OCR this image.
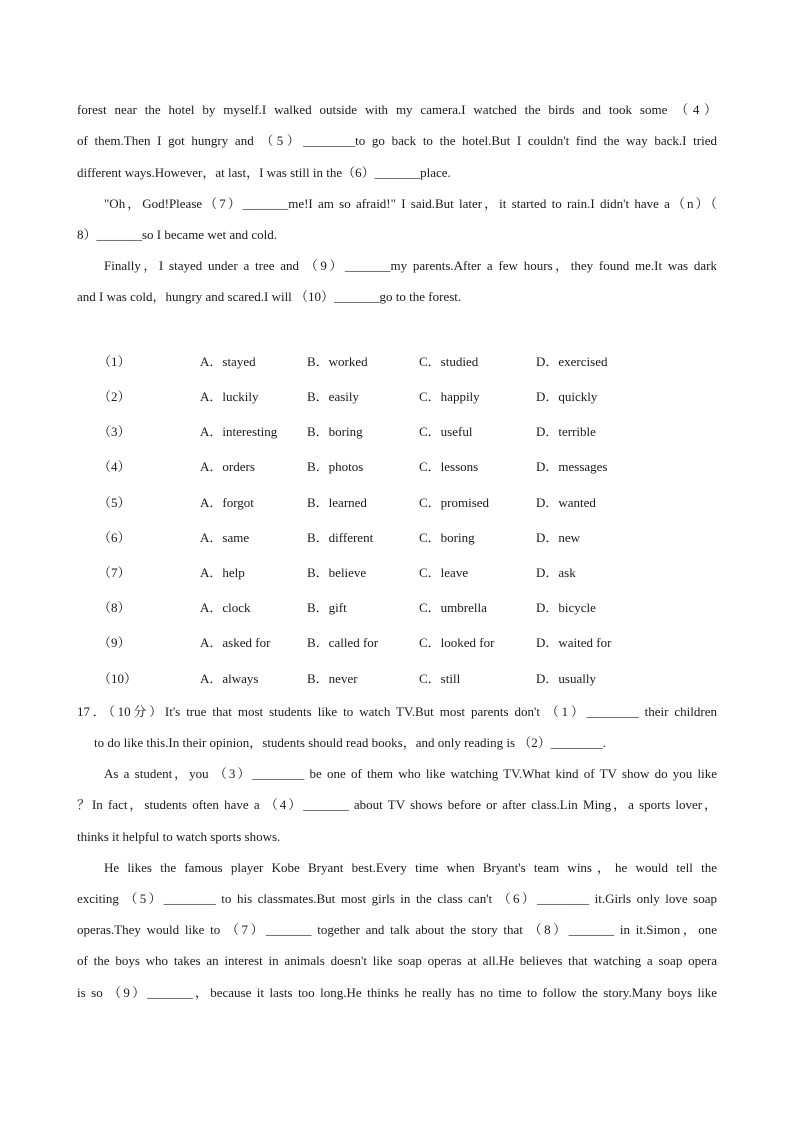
forest near the hotel by myself.I walked outside with my camera.I watched the birds and took some （4）
of them.Then I got hungry and （5）________to go back to the hotel.But I couldn't find the way back.I tried
different ways.However，at last，I was still in the（6）_______place.
"Oh，God!Please（7）_______me!I am so afraid!" I said.But later，it started to rain.I didn't have a（n）（
8）_______so I became wet and cold.
Finally，I stayed under a tree and （9）_______my parents.After a few hours，they found me.It was dark
and I was cold，hungry and scared.I will （10）_______go to the forest.
（1）	A．stayed	B．worked	C．studied	D．exercised
（2）	A．luckily	B．easily	C．happily	D．quickly
（3）	A．interesting B．boring	C．useful	D．terrible
（4）	A．orders	B．photos	C．lessons	D．messages
（5）	A．forgot	B．learned	C．promised	D．wanted
（6）	A．same	B．different	C．boring	D．new
（7）	A．help	B．believe	C．leave	D．ask
（8）	A．clock	B．gift	C．umbrella	D．bicycle
（9）	A．asked for	B．called for	C．looked for	D．waited for
（10）	A．always	B．never	C．still	D．usually
17．（10分）It's true that most students like to watch TV.But most parents don't （1）________ their children
to do like this.In their opinion，students should read books，and only reading is （2）________.
As a student，you （3）________ be one of them who like watching TV.What kind of TV show do you like
？In fact，students often have a （4）_______ about TV shows before or after class.Lin Ming，a sports lover，
thinks it helpful to watch sports shows.
He likes the famous player Kobe Bryant best.Every time when Bryant's team wins，he would tell the
exciting （5）________ to his classmates.But most girls in the class can't （6）________ it.Girls only love soap
operas.They would like to （7）_______ together and talk about the story that （8）_______ in it.Simon，one
of the boys who takes an interest in animals doesn't like soap operas at all.He believes that watching a soap opera
is so （9）_______，because it lasts too long.He thinks he really has no time to follow the story.Many boys like
